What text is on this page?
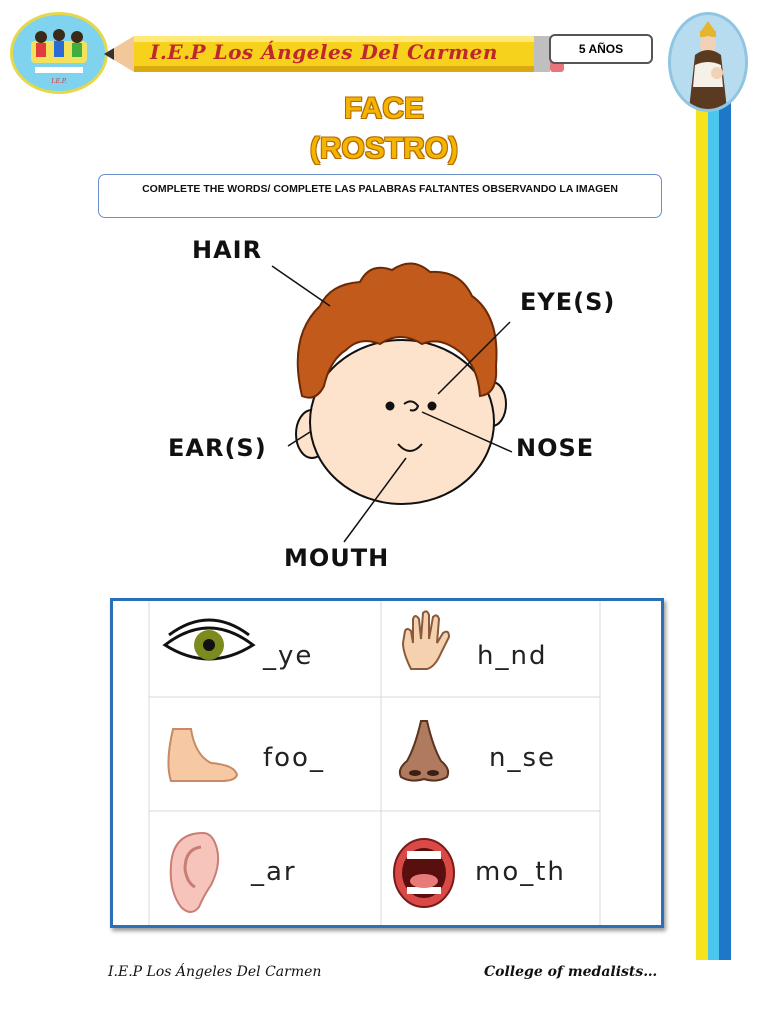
I.E.P.
I.E.P Los Ángeles Del Carmen	5 AÑOS
FACE
(ROSTRO)
COMPLETE THE WORDS/ COMPLETE LAS PALABRAS FALTANTES OBSERVANDO LA IMAGEN
HAIR
EYE(S)
EAR(S)	NOSE
MOUTH
_ye	h_nd
foo_	n_se
_ar	mo_th
I.E.P Los Ángeles Del Carmen	College of medalists…
